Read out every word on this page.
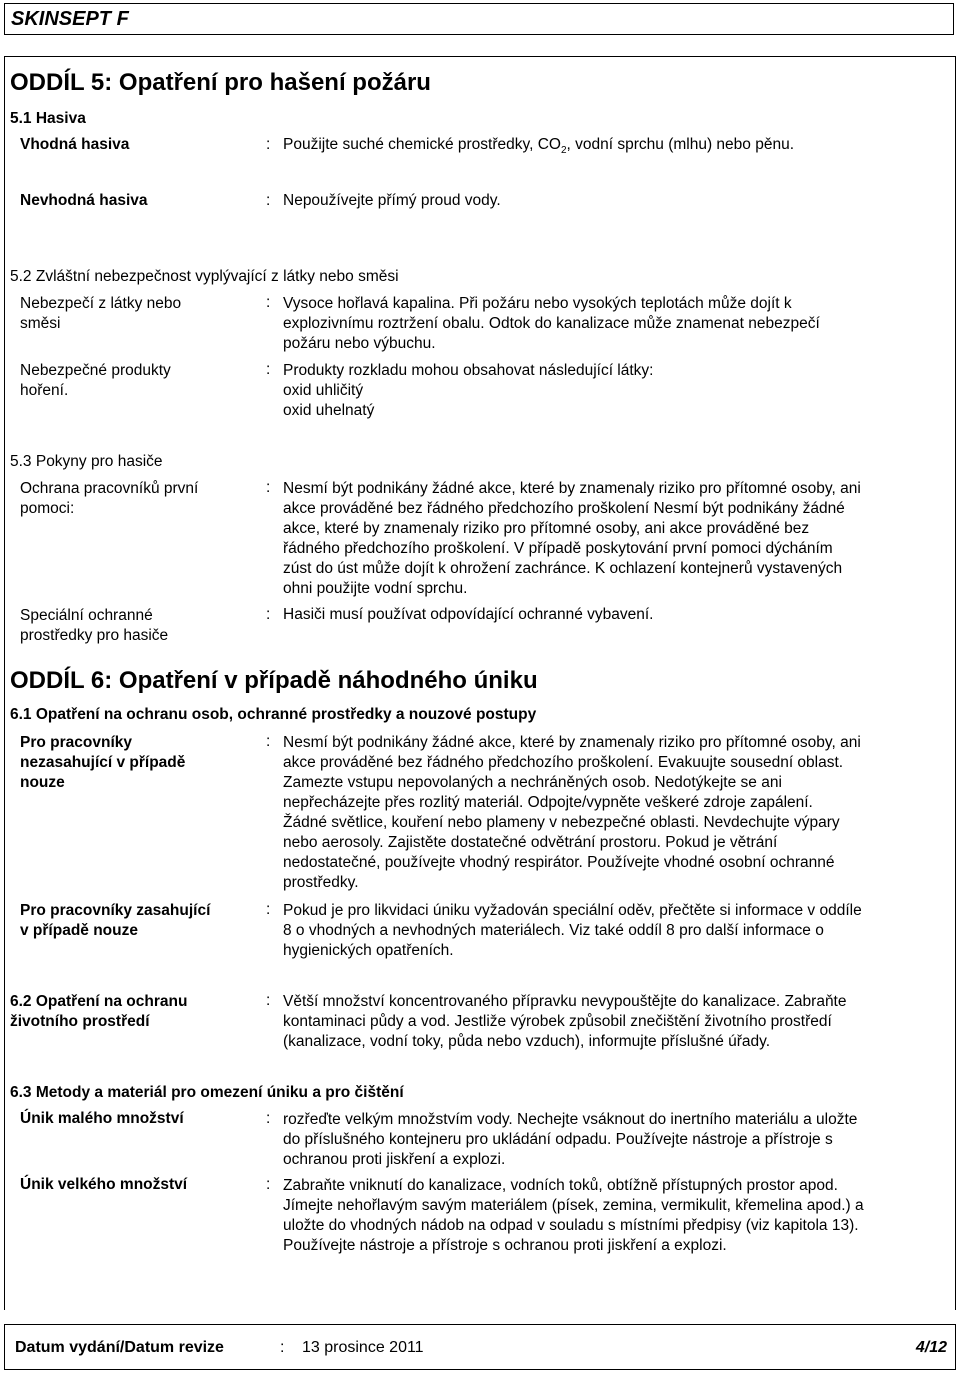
SKINSEPT F
ODDÍL 5: Opatření pro hašení požáru
5.1 Hasiva
Vhodná hasiva	: Použijte suché chemické prostředky, $CO_2$, vodní sprchu (mlhu) nebo pěnu.
Nevhodná hasiva	: Nepoužívejte přímý proud vody.
5.2 Zvláštní nebezpečnost vyplývající z látky nebo směsi
Nebezpečí z látky nebo
směsi
: Vysoce hořlavá kapalina. Při požáru nebo vysokých teplotách může dojít k
explozivnímu roztržení obalu. Odtok do kanalizace může znamenat nebezpečí
požáru nebo výbuchu.
Nebezpečné produkty
hoření.
: Produkty rozkladu mohou obsahovat následující látky:
oxid uhličitý
oxid uhelnatý
5.3 Pokyny pro hasiče
Ochrana pracovníků první
pomoci:
: Nesmí být podnikány žádné akce, které by znamenaly riziko pro přítomné osoby, ani
akce prováděné bez řádného předchozího proškolení Nesmí být podnikány žádné
akce, které by znamenaly riziko pro přítomné osoby, ani akce prováděné bez
řádného předchozího proškolení. V případě poskytování první pomoci dýcháním
zúst do úst může dojít k ohrožení zachránce. K ochlazení kontejnerů vystavených
ohni použijte vodní sprchu.
Speciální ochranné
prostředky pro hasiče
: Hasiči musí používat odpovídající ochranné vybavení.
ODDÍL 6: Opatření v případě náhodného úniku
6.1 Opatření na ochranu osob, ochranné prostředky a nouzové postupy
Pro pracovníky
nezasahující v případě
nouze
: Nesmí být podnikány žádné akce, které by znamenaly riziko pro přítomné osoby, ani
akce prováděné bez řádného předchozího proškolení. Evakuujte sousední oblast.
Zamezte vstupu nepovolaných a nechráněných osob. Nedotýkejte se ani
nepřecházejte přes rozlitý materiál. Odpojte/vypněte veškeré zdroje zapálení.
Žádné světlice, kouření nebo plameny v nebezpečné oblasti. Nevdechujte výpary
nebo aerosoly. Zajistěte dostatečné odvětrání prostoru. Pokud je větrání
nedostatečné, používejte vhodný respirátor. Používejte vhodné osobní ochranné
prostředky.
Pro pracovníky zasahující
v případě nouze
: Pokud je pro likvidaci úniku vyžadován speciální oděv, přečtěte si informace v oddíle
8 o vhodných a nevhodných materiálech. Viz také oddíl 8 pro další informace o
hygienických opatřeních.
6.2 Opatření na ochranu
životního prostředí
: Větší množství koncentrovaného přípravku nevypouštějte do kanalizace. Zabraňte
kontaminaci půdy a vod. Jestliže výrobek způsobil znečištění životního prostředí
(kanalizace, vodní toky, půda nebo vzduch), informujte příslušné úřady.
6.3 Metody a materiál pro omezení úniku a pro čištění
Únik malého množství	: rozřeďte velkým množstvím vody. Nechejte vsáknout do inertního materiálu a uložte
do příslušného kontejneru pro ukládání odpadu. Používejte nástroje a přístroje s
ochranou proti jiskření a explozi.
Únik velkého množství	: Zabraňte vniknutí do kanalizace, vodních toků, obtížně přístupných prostor apod.
Jímejte nehořlavým savým materiálem (písek, zemina, vermikulit, křemelina apod.) a
uložte do vhodných nádob na odpad v souladu s místními předpisy (viz kapitola 13).
Používejte nástroje a přístroje s ochranou proti jiskření a explozi.
Datum vydání/Datum revize	: 13 prosince 2011	4/12
